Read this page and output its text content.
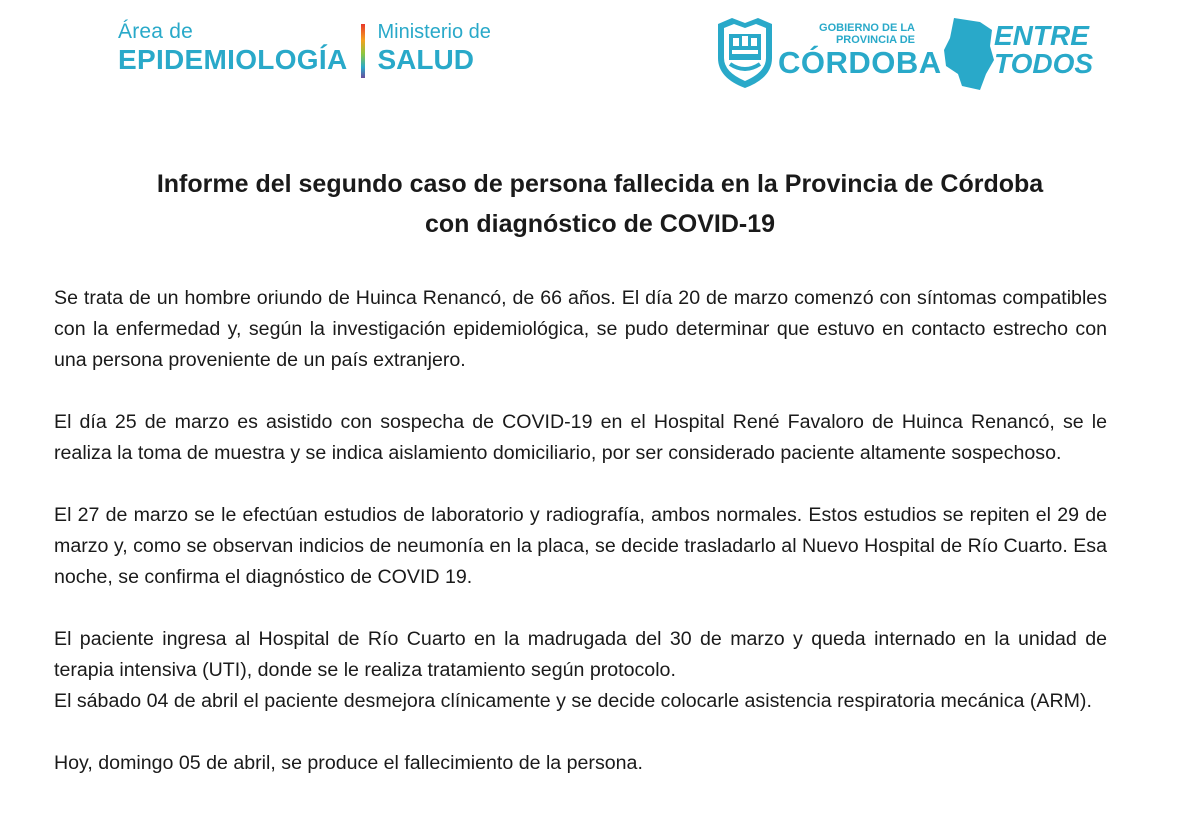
Área de
EPIDEMIOLOGÍA
Ministerio de
SALUD
GOBIERNO DE LA
PROVINCIA DE
CÓRDOBA
ENTRE
TODOS
Informe del segundo caso de persona fallecida en la Provincia de Córdoba
con diagnóstico de COVID-19

Se trata de un hombre oriundo de Huinca Renancó, de 66 años. El día 20 de marzo comenzó con síntomas compatibles con la enfermedad y, según la investigación epidemiológica, se pudo determinar que estuvo en contacto estrecho con una persona proveniente de un país extranjero.

El día 25 de marzo es asistido con sospecha de COVID-19 en el Hospital René Favaloro de Huinca Renancó, se le realiza la toma de muestra y se indica aislamiento domiciliario, por ser considerado paciente altamente sospechoso.

El 27 de marzo se le efectúan estudios de laboratorio y radiografía, ambos normales. Estos estudios se repiten el 29 de marzo y, como se observan indicios de neumonía en la placa, se decide trasladarlo al Nuevo Hospital de Río Cuarto. Esa noche, se confirma el diagnóstico de COVID 19.

El paciente ingresa al Hospital de Río Cuarto en la madrugada del 30 de marzo y queda internado en la unidad de terapia intensiva (UTI), donde se le realiza tratamiento según protocolo.

El sábado 04 de abril el paciente desmejora clínicamente y se decide colocarle asistencia respiratoria mecánica (ARM).

Hoy, domingo 05 de abril, se produce el fallecimiento de la persona.
